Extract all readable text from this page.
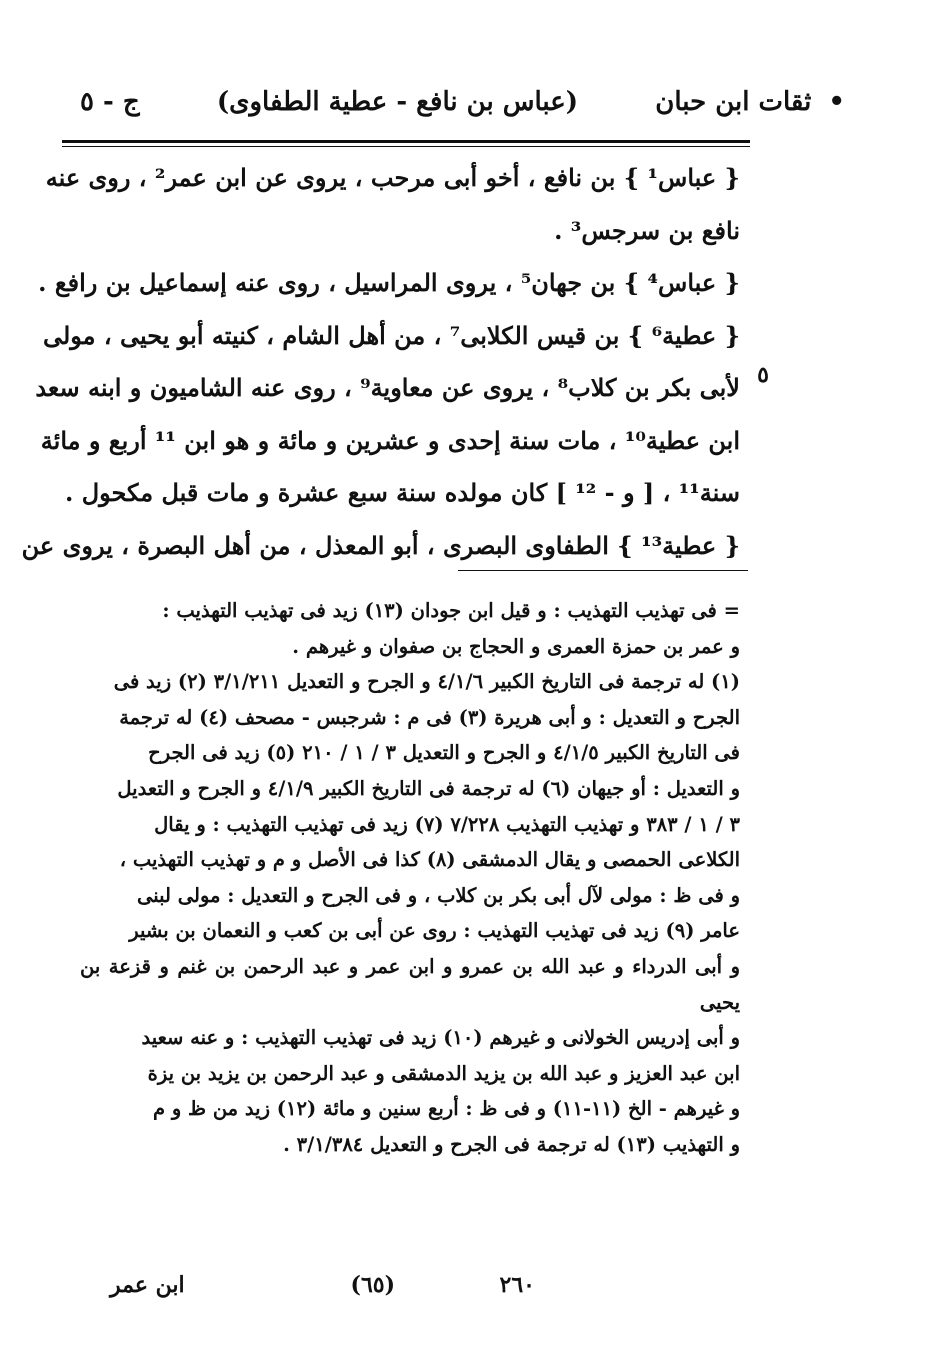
• ثقات ابن حبان
(عباس بن نافع - عطية الطفاوى)
ج - ٥
{ عباس¹ } بن نافع ، أخو أبى مرحب ، يروى عن ابن عمر² ، روى عنه
نافع بن سرجس³ .
{ عباس⁴ } بن جهان⁵ ، يروى المراسيل ، روى عنه إسماعيل بن رافع .
{ عطية⁶ } بن قيس الكلابى⁷ ، من أهل الشام ، كنيته أبو يحيى ، مولى
لأبى بكر بن كلاب⁸ ، يروى عن معاوية⁹ ، روى عنه الشاميون و ابنه سعد
ابن عطية¹⁰ ، مات سنة إحدى و عشرين و مائة و هو ابن ¹¹ أربع و مائة
سنة¹¹ ، [ و - ¹² ] كان مولده سنة سبع عشرة و مات قبل مكحول .
{ عطية¹³ } الطفاوى البصرى ، أبو المعذل ، من أهل البصرة ، يروى عن
٥

= فى تهذيب التهذيب : و قيل ابن جودان (١٣) زيد فى تهذيب التهذيب :

و عمر بن حمزة العمرى و الحجاج بن صفوان و غيرهم .

(١) له ترجمة فى التاريخ الكبير ٤/١/٦ و الجرح و التعديل ٣/١/٢١١ (٢) زيد فى

الجرح و التعديل : و أبى هريرة (٣) فى م : شرجبس - مصحف (٤) له ترجمة

فى التاريخ الكبير ٤/١/٥ و الجرح و التعديل ٣ / ١ / ٢١٠ (٥) زيد فى الجرح

و التعديل : أو جيهان (٦) له ترجمة فى التاريخ الكبير ٤/١/٩ و الجرح و التعديل

٣ / ١ / ٣٨٣ و تهذيب التهذيب ٧/٢٢٨ (٧) زيد فى تهذيب التهذيب : و يقال

الكلاعى الحمصى و يقال الدمشقى (٨) كذا فى الأصل و م و تهذيب التهذيب ،

و فى ظ : مولى لآل أبى بكر بن كلاب ، و فى الجرح و التعديل : مولى لبنى

عامر (٩) زيد فى تهذيب التهذيب : روى عن أبى بن كعب و النعمان بن بشير

و أبى الدرداء و عبد الله بن عمرو و ابن عمر و عبد الرحمن بن غنم و قزعة بن يحيى

و أبى إدريس الخولانى و غيرهم (١٠) زيد فى تهذيب التهذيب : و عنه سعيد

ابن عبد العزيز و عبد الله بن يزيد الدمشقى و عبد الرحمن بن يزيد بن يزة

و غيرهم - الخ (١١-١١) و فى ظ : أربع سنين و مائة (١٢) زيد من ظ و م

و التهذيب (١٣) له ترجمة فى الجرح و التعديل ٣/١/٣٨٤ .

٢٦٠
(٦٥)
ابن عمر
